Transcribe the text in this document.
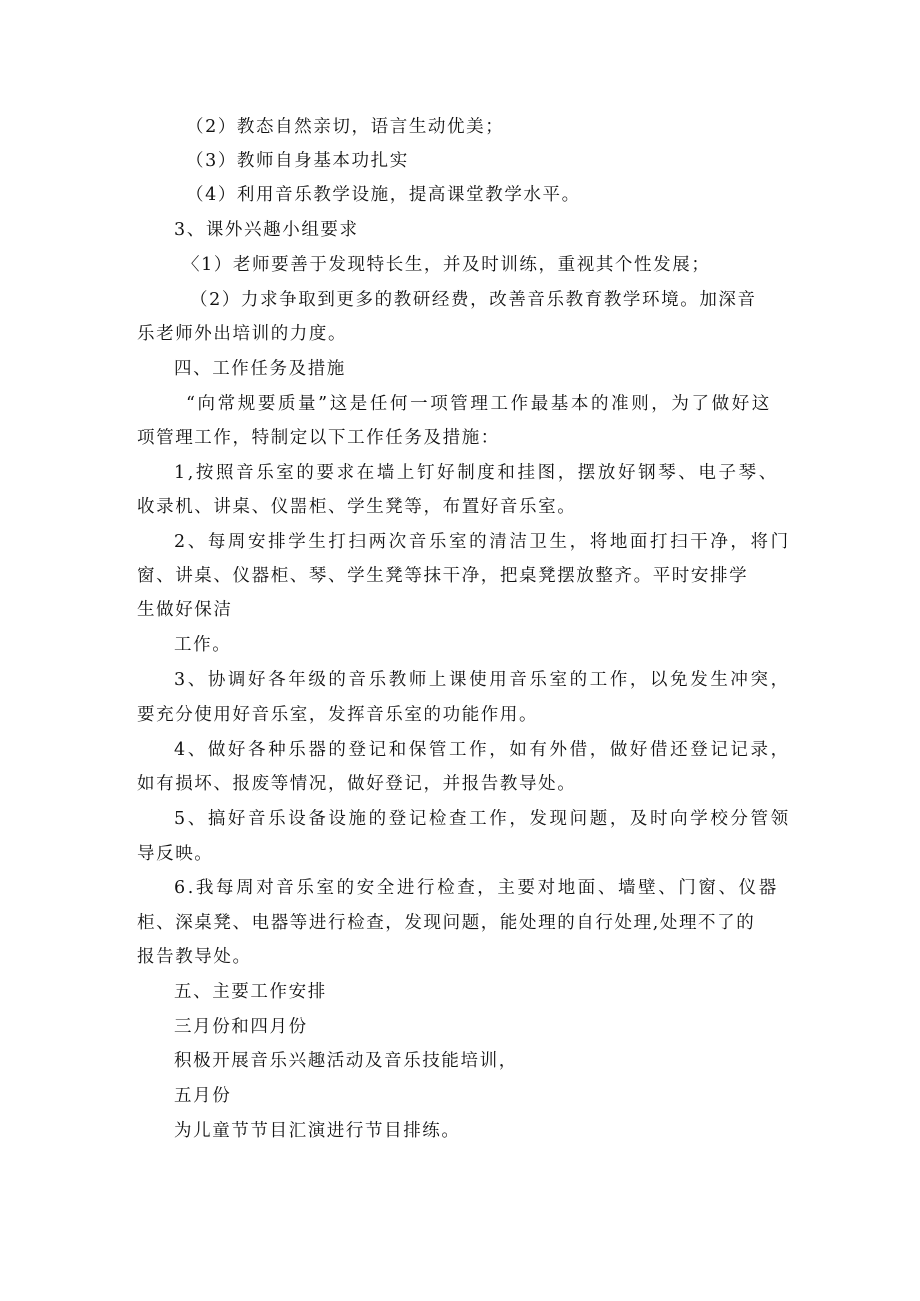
（2）教态自然亲切，语言生动优美；
（3）教师自身基本功扎实
（4）利用音乐教学设施，提高课堂教学水平。
3、课外兴趣小组要求
〈1）老师要善于发现特长生，并及时训练，重视其个性发展；
（2）力求争取到更多的教研经费，改善音乐教育教学环境。加深音
乐老师外出培训的力度。
四、工作任务及措施
“向常规要质量”这是任何一项管理工作最基本的准则，为了做好这
项管理工作，特制定以下工作任务及措施：
1,按照音乐室的要求在墙上钉好制度和挂图，摆放好钢琴、电子琴、
收录机、讲桌、仪噐柜、学生凳等，布置好音乐室。
2、每周安排学生打扫两次音乐室的清洁卫生，将地面打扫干净，将门
窗、讲桌、仪器柜、琴、学生凳等抹干净，把桌凳摆放整齐。平时安排学
生做好保洁
工作。
3、协调好各年级的音乐教师上课使用音乐室的工作，以免发生冲突，
要充分使用好音乐室，发挥音乐室的功能作用。
4、做好各种乐器的登记和保管工作，如有外借，做好借还登记记录，
如有损坏、报废等情况，做好登记，并报告教导处。
5、搞好音乐设备设施的登记检查工作，发现问题，及时向学校分管领
导反映。
6.我每周对音乐室的安全进行检查，主要对地面、墙壁、门窗、仪器
柜、深桌凳、电器等进行检查，发现问题，能处理的自行处理,处理不了的
报告教导处。
五、主要工作安排
三月份和四月份
积极开展音乐兴趣活动及音乐技能培训，
五月份
为儿童节节目汇演进行节目排练。
